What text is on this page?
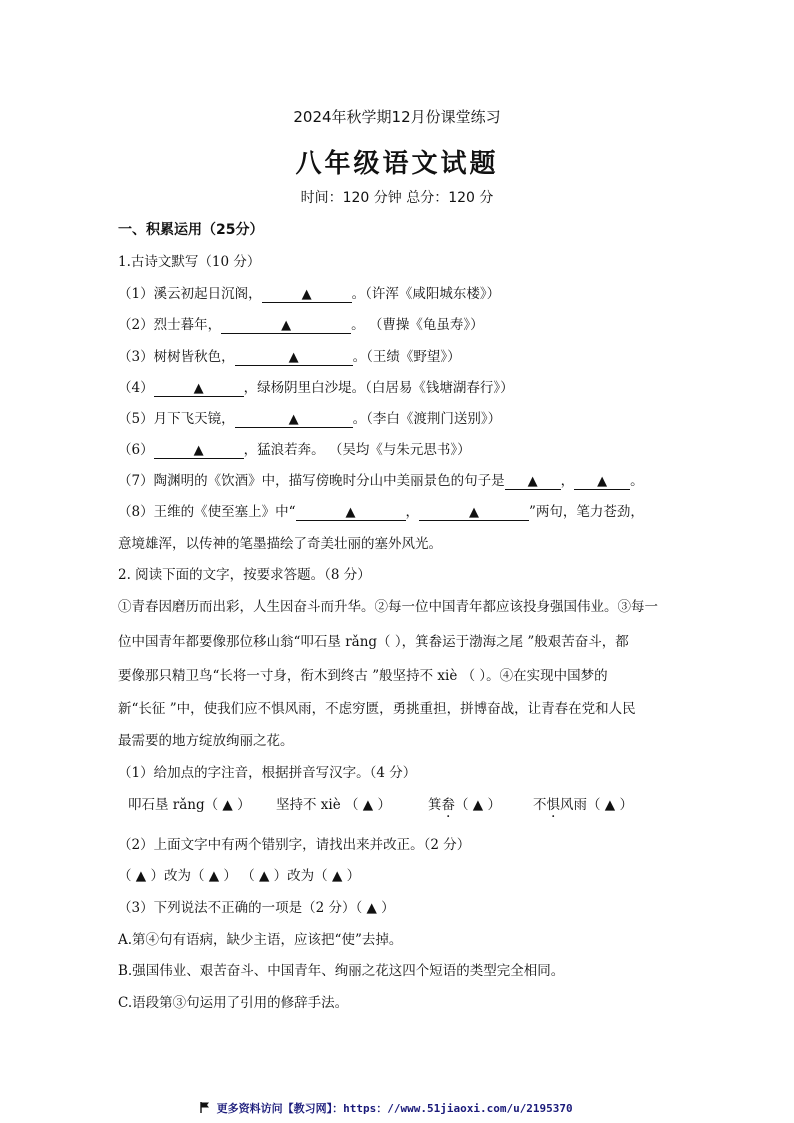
2024年秋学期12月份课堂练习
八年级语文试题
时间：120 分钟 总分：120 分
一、积累运用（25分）
1.古诗文默写（10 分）
（1）溪云初起日沉阁，	▲	。（许浑《咸阳城东楼》）
（2）烈士暮年，	▲	。 （曹操《龟虽寿》）
（3）树树皆秋色，	▲	。（王绩《野望》）
（4）	▲	，绿杨阴里白沙堤。（白居易《钱塘湖春行》）
（5）月下飞天镜，	▲	。（李白《渡荆门送别》）
（6）	▲	，猛浪若奔。 （吴均《与朱元思书》）
（7）陶渊明的《饮酒》中，描写傍晚时分山中美丽景色的句子是 ▲ ， ▲ 。
（8）王维的《使至塞上》中“	▲	，	▲	”两句，笔力苍劲，
意境雄浑，以传神的笔墨描绘了奇美壮丽的塞外风光。
2. 阅读下面的文字，按要求答题。（8 分）
①青春因磨历而出彩，人生因奋斗而升华。②每一位中国青年都应该投身强国伟业。③每一
位中国青年都要像那位移山翁“叩石垦 rǎng（ ），箕畚运于渤海之尾 ”般艰苦奋斗，都
要像那只精卫鸟“长将一寸身，衔木到终古 ”般坚持不 xiè （ ）。④在实现中国梦的
新“长征 ”中，使我们应不惧风雨，不虑穷匮，勇挑重担，拼博奋战，让青春在党和人民
最需要的地方绽放绚丽之花。
（1）给加点的字注音，根据拼音写汉字。（4 分）
叩石垦 rǎng（ ▲ ） 坚持不 xiè （ ▲ ）	箕畚（ ▲ ） 不惧风雨（ ▲ ）
（2）上面文字中有两个错别字，请找出来并改正。（2 分）
（ ▲ ）改为（ ▲ ） （ ▲ ）改为（ ▲ ）
（3）下列说法不正确的一项是（2 分）（ ▲ ）
A.第④句有语病，缺少主语，应该把“使”去掉。
B.强国伟业、艰苦奋斗、中国青年、绚丽之花这四个短语的类型完全相同。
C.语段第③句运用了引用的修辞手法。
更多资料访问【教习网】：https：//www.51jiaoxi.com/u/2195370
